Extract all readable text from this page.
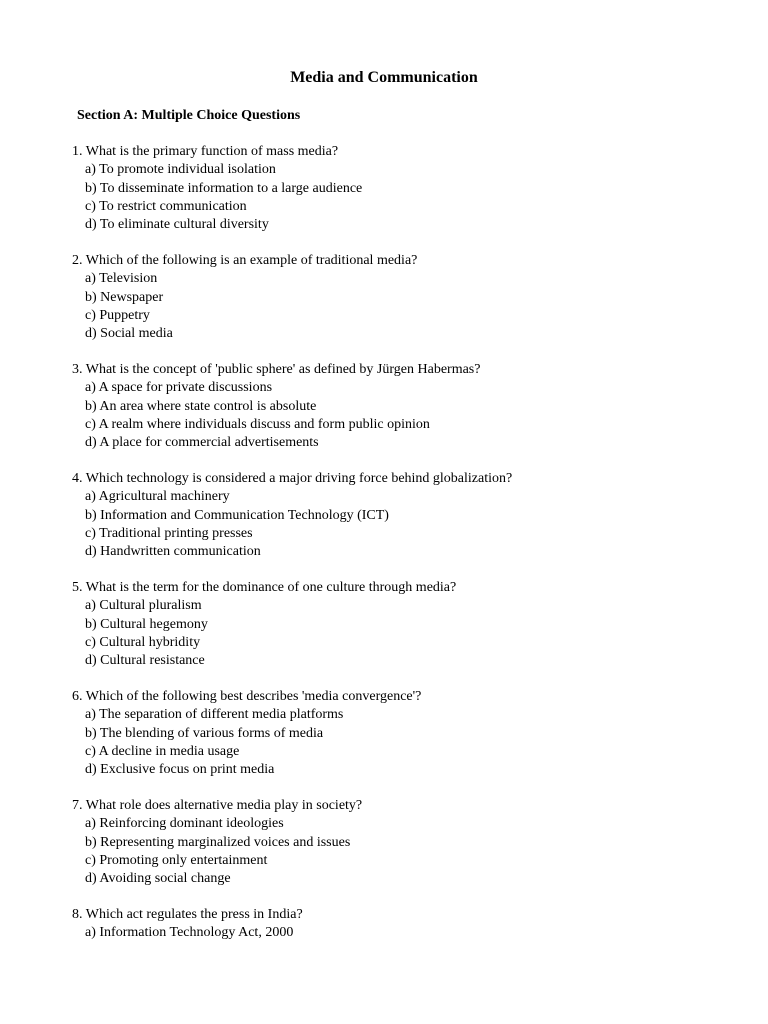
Media and Communication
Section A: Multiple Choice Questions

1. What is the primary function of mass media?

a) To promote individual isolation
b) To disseminate information to a large audience
c) To restrict communication
d) To eliminate cultural diversity

2. Which of the following is an example of traditional media?

a) Television
b) Newspaper
c) Puppetry
d) Social media

3. What is the concept of 'public sphere' as defined by Jürgen Habermas?

a) A space for private discussions
b) An area where state control is absolute
c) A realm where individuals discuss and form public opinion
d) A place for commercial advertisements

4. Which technology is considered a major driving force behind globalization?

a) Agricultural machinery
b) Information and Communication Technology (ICT)
c) Traditional printing presses
d) Handwritten communication

5. What is the term for the dominance of one culture through media?

a) Cultural pluralism
b) Cultural hegemony
c) Cultural hybridity
d) Cultural resistance

6. Which of the following best describes 'media convergence'?

a) The separation of different media platforms
b) The blending of various forms of media
c) A decline in media usage
d) Exclusive focus on print media

7. What role does alternative media play in society?

a) Reinforcing dominant ideologies
b) Representing marginalized voices and issues
c) Promoting only entertainment
d) Avoiding social change

8. Which act regulates the press in India?

a) Information Technology Act, 2000
